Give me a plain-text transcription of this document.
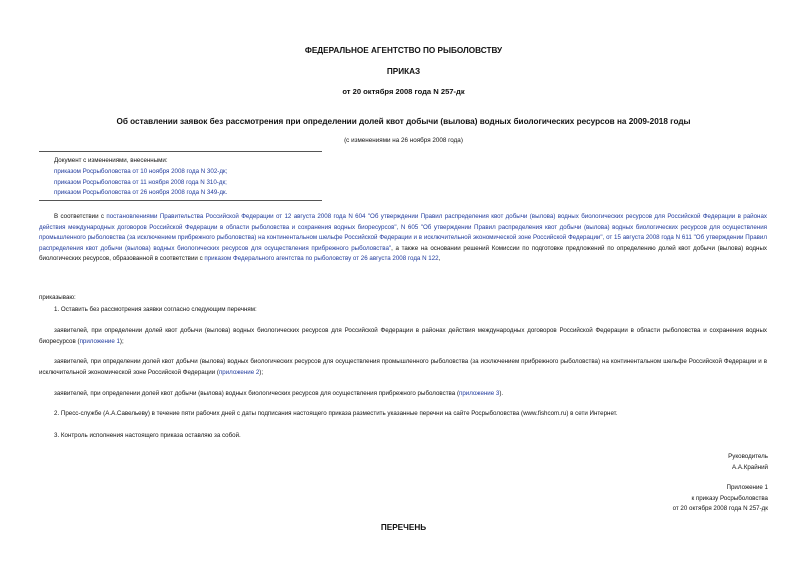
ФЕДЕРАЛЬНОЕ АГЕНТСТВО ПО РЫБОЛОВСТВУ
ПРИКАЗ
от 20 октября 2008 года N 257-дк
Об оставлении заявок без рассмотрения при определении долей квот добычи (вылова) водных биологических ресурсов на 2009-2018 годы
(с изменениями на 26 ноября 2008 года)
Документ с изменениями, внесенными:
приказом Росрыболовства от 10 ноября 2008 года N 302-дк;
приказом Росрыболовства от 11 ноября 2008 года N 310-дк;
приказом Росрыболовства от 26 ноября 2008 года N 349-дк.

В соответствии с постановлениями Правительства Российской Федерации от 12 августа 2008 года N 604 "Об утверждении Правил распределения квот добычи (вылова) водных биологических ресурсов для Российской Федерации в районах действия международных договоров Российской Федерации в области рыболовства и сохранения водных биоресурсов", N 605 "Об утверждении Правил распределения квот добычи (вылова) водных биологических ресурсов для осуществления промышленного рыболовства (за исключением прибрежного рыболовства) на континентальном шельфе Российской Федерации и в исключительной экономической зоне Российской Федерации", от 15 августа 2008 года N 611 "Об утверждении Правил распределения квот добычи (вылова) водных биологических ресурсов для осуществления прибрежного рыболовства", а также на основании решений Комиссии по подготовке предложений по определению долей квот добычи (вылова) водных биологических ресурсов, образованной в соответствии с приказом Федерального агентства по рыболовству от 26 августа 2008 года N 122,

приказываю:
1. Оставить без рассмотрения заявки согласно следующим перечням:

заявителей, при определении долей квот добычи (вылова) водных биологических ресурсов для Российской Федерации в районах действия международных договоров Российской Федерации в области рыболовства и сохранения водных биоресурсов (приложение 1);

заявителей, при определении долей квот добычи (вылова) водных биологических ресурсов для осуществления промышленного рыболовства (за исключением прибрежного рыболовства) на континентальном шельфе Российской Федерации и в исключительной экономической зоне Российской Федерации (приложение 2);

заявителей, при определении долей квот добычи (вылова) водных биологических ресурсов для осуществления прибрежного рыболовства (приложение 3).

2. Пресс-службе (А.А.Савельеву) в течение пяти рабочих дней с даты подписания настоящего приказа разместить указанные перечни на сайте Росрыболовства (www.fishcom.ru) в сети Интернет.
3. Контроль исполнения настоящего приказа оставляю за собой.
Руководитель
А.А.Крайний
Приложение 1
к приказу Росрыболовства
от 20 октября 2008 года N 257-дк
ПЕРЕЧЕНЬ
